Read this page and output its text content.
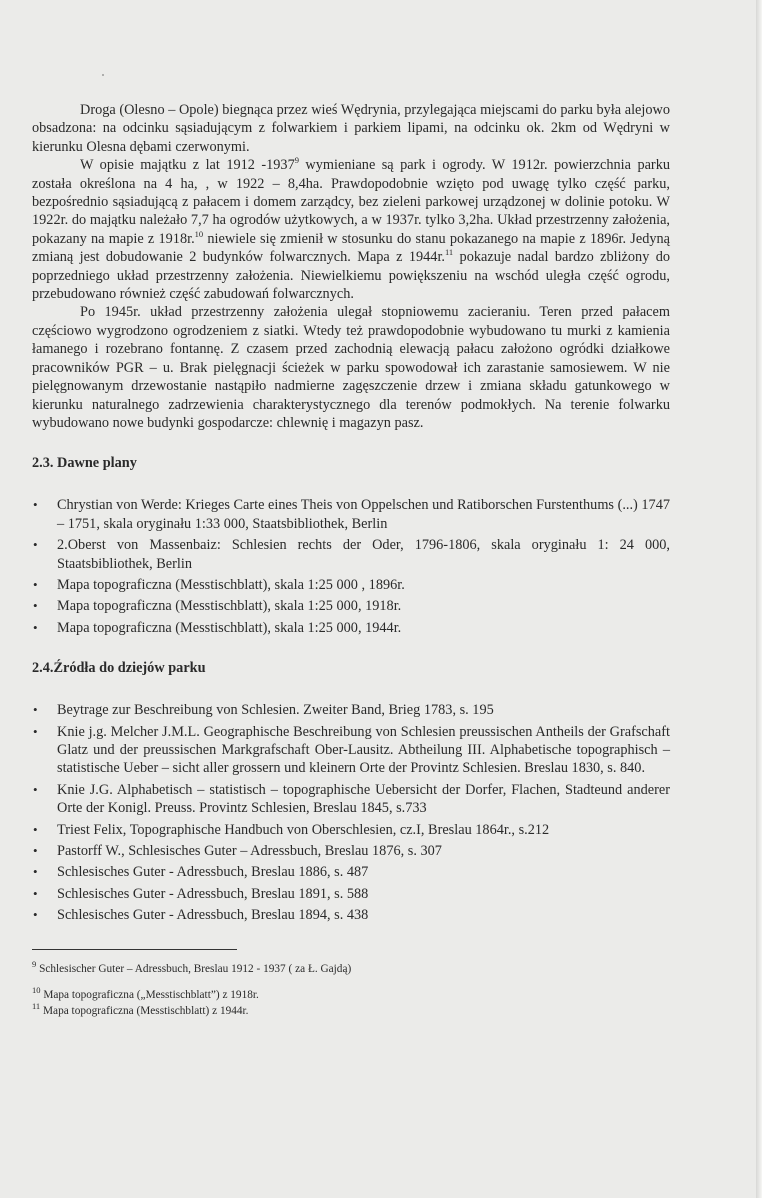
Droga (Olesno – Opole) biegnąca przez wieś Wędrynia, przylegająca miejscami do parku była alejowo obsadzona: na odcinku sąsiadującym z folwarkiem i parkiem lipami, na odcinku ok. 2km od Wędryni w kierunku Olesna dębami czerwonymi.

W opisie majątku z lat 1912 -1937$^9$ wymieniane są park i ogrody. W 1912r. powierzchnia parku została określona na 4 ha, , w 1922 – 8,4ha. Prawdopodobnie wzięto pod uwagę tylko część parku, bezpośrednio sąsiadującą z pałacem i domem zarządcy, bez zieleni parkowej urządzonej w dolinie potoku. W 1922r. do majątku należało 7,7 ha ogrodów użytkowych, a w 1937r. tylko 3,2ha. Układ przestrzenny założenia, pokazany na mapie z 1918r.$^{10}$ niewiele się zmienił w stosunku do stanu pokazanego na mapie z 1896r. Jedyną zmianą jest dobudowanie 2 budynków folwarcznych. Mapa z 1944r.$^{11}$ pokazuje nadal bardzo zbliżony do poprzedniego układ przestrzenny założenia. Niewielkiemu powiększeniu na wschód uległa część ogrodu, przebudowano również część zabudowań folwarcznych.

Po 1945r. układ przestrzenny założenia ulegał stopniowemu zacieraniu. Teren przed pałacem częściowo wygrodzono ogrodzeniem z siatki. Wtedy też prawdopodobnie wybudowano tu murki z kamienia łamanego i rozebrano fontannę. Z czasem przed zachodnią elewacją pałacu założono ogródki działkowe pracowników PGR – u. Brak pielęgnacji ścieżek w parku spowodował ich zarastanie samosiewem. W nie pielęgnowanym drzewostanie nastąpiło nadmierne zagęszczenie drzew i zmiana składu gatunkowego w kierunku naturalnego zadrzewienia charakterystycznego dla terenów podmokłych. Na terenie folwarku wybudowano nowe budynki gospodarcze: chlewnię i magazyn pasz.

2.3. Dawne plany
• Chrystian von Werde: Krieges Carte eines Theis von Oppelschen und Ratiborschen Furstenthums (...) 1747 – 1751, skala oryginału 1:33 000, Staatsbibliothek, Berlin
• 2.Oberst von Massenbaiz: Schlesien rechts der Oder, 1796-1806, skala oryginału 1: 24 000, Staatsbibliothek, Berlin
• Mapa topograficzna (Messtischblatt), skala 1:25 000 , 1896r.
• Mapa topograficzna (Messtischblatt), skala 1:25 000, 1918r.
• Mapa topograficzna (Messtischblatt), skala 1:25 000, 1944r.
2.4.Źródła do dziejów parku
• Beytrage zur Beschreibung von Schlesien. Zweiter Band, Brieg 1783, s. 195
• Knie j.g. Melcher J.M.L. Geographische Beschreibung von Schlesien preussischen Antheils der Grafschaft Glatz und der preussischen Markgrafschaft Ober-Lausitz. Abtheilung III. Alphabetische topographisch – statistische Ueber – sicht aller grossern und kleinern Orte der Provintz Schlesien. Breslau 1830, s. 840.
• Knie J.G. Alphabetisch – statistisch – topographische Uebersicht der Dorfer, Flachen, Stadteund anderer Orte der Konigl. Preuss. Provintz Schlesien, Breslau 1845, s.733
• Triest Felix, Topographische Handbuch von Oberschlesien, cz.I, Breslau 1864r., s.212
• Pastorff W., Schlesisches Guter – Adressbuch, Breslau 1876, s. 307
• Schlesisches Guter - Adressbuch, Breslau 1886, s. 487
• Schlesisches Guter - Adressbuch, Breslau 1891, s. 588
• Schlesisches Guter - Adressbuch, Breslau 1894, s. 438

$^9$ Schlesischer Guter – Adressbuch, Breslau 1912 - 1937 ( za Ł. Gajdą)

$^{10}$ Mapa topograficzna („Messtischblatt”) z 1918r.

$^{11}$ Mapa topograficzna (Messtischblatt) z 1944r.
